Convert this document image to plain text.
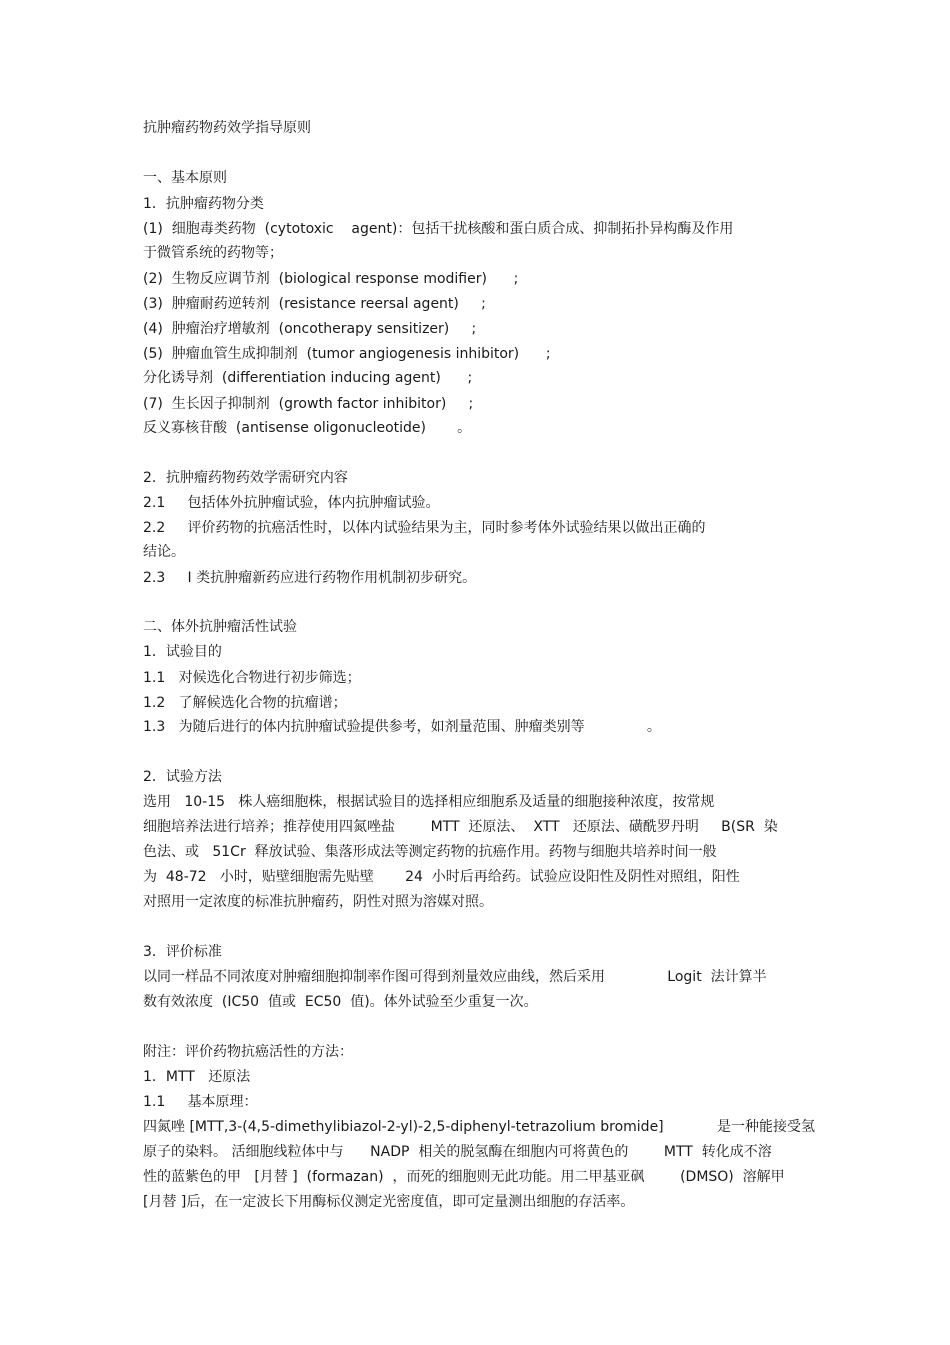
抗肿瘤药物药效学指导原则

一、基本原则

1．抗肿瘤药物分类

(1)  细胞毒类药物  (cytotoxic    agent)：包括干扰核酸和蛋白质合成、抑制拓扑异构酶及作用

于微管系统的药物等；

(2)  生物反应调节剂  (biological response modifier)      ;

(3)  肿瘤耐药逆转剂  (resistance reersal agent)     ;

(4)  肿瘤治疗增敏剂  (oncotherapy sensitizer)     ;

(5)  肿瘤血管生成抑制剂  (tumor angiogenesis inhibitor)      ;

分化诱导剂  (differentiation inducing agent)      ;

(7)  生长因子抑制剂  (growth factor inhibitor)     ;

反义寡核苷酸  (antisense oligonucleotide)       。

2．抗肿瘤药物药效学需研究内容

2.1     包括体外抗肿瘤试验，体内抗肿瘤试验。

2.2     评价药物的抗癌活性时，以体内试验结果为主，同时参考体外试验结果以做出正确的

结论。

2.3     I 类抗肿瘤新药应进行药物作用机制初步研究。

二、体外抗肿瘤活性试验

1．试验目的

1.1   对候选化合物进行初步筛选；

1.2   了解候选化合物的抗瘤谱；

1.3   为随后进行的体内抗肿瘤试验提供参考，如剂量范围、肿瘤类别等              。

2．试验方法

选用   10-15   株人癌细胞株，根据试验目的选择相应细胞系及适量的细胞接种浓度，按常规

细胞培养法进行培养；推荐使用四氮唑盐        MTT  还原法、  XTT   还原法、磺酰罗丹明     B(SR  染

色法、或   51Cr  释放试验、集落形成法等测定药物的抗癌作用。药物与细胞共培养时间一般

为  48-72   小时，贴壁细胞需先贴壁       24  小时后再给药。试验应设阳性及阴性对照组，阳性

对照用一定浓度的标准抗肿瘤药，阴性对照为溶媒对照。

3．评价标准

以同一样品不同浓度对肿瘤细胞抑制率作图可得到剂量效应曲线，然后采用              Logit  法计算半

数有效浓度  (IC50  值或  EC50  值)。体外试验至少重复一次。

附注：评价药物抗癌活性的方法：

1．MTT   还原法

1.1     基本原理：

四氮唑 [MTT,3-(4,5-dimethylibiazol-2-yl)-2,5-diphenyl-tetrazolium bromide]            是一种能接受氢

原子的染料。 活细胞线粒体中与      NADP  相关的脱氢酶在细胞内可将黄色的        MTT  转化成不溶

性的蓝紫色的甲   [月替 ]  (formazan)  ，而死的细胞则无此功能。用二甲基亚砜        (DMSO)  溶解甲

[月替 ]后，在一定波长下用酶标仪测定光密度值，即可定量测出细胞的存活率。
